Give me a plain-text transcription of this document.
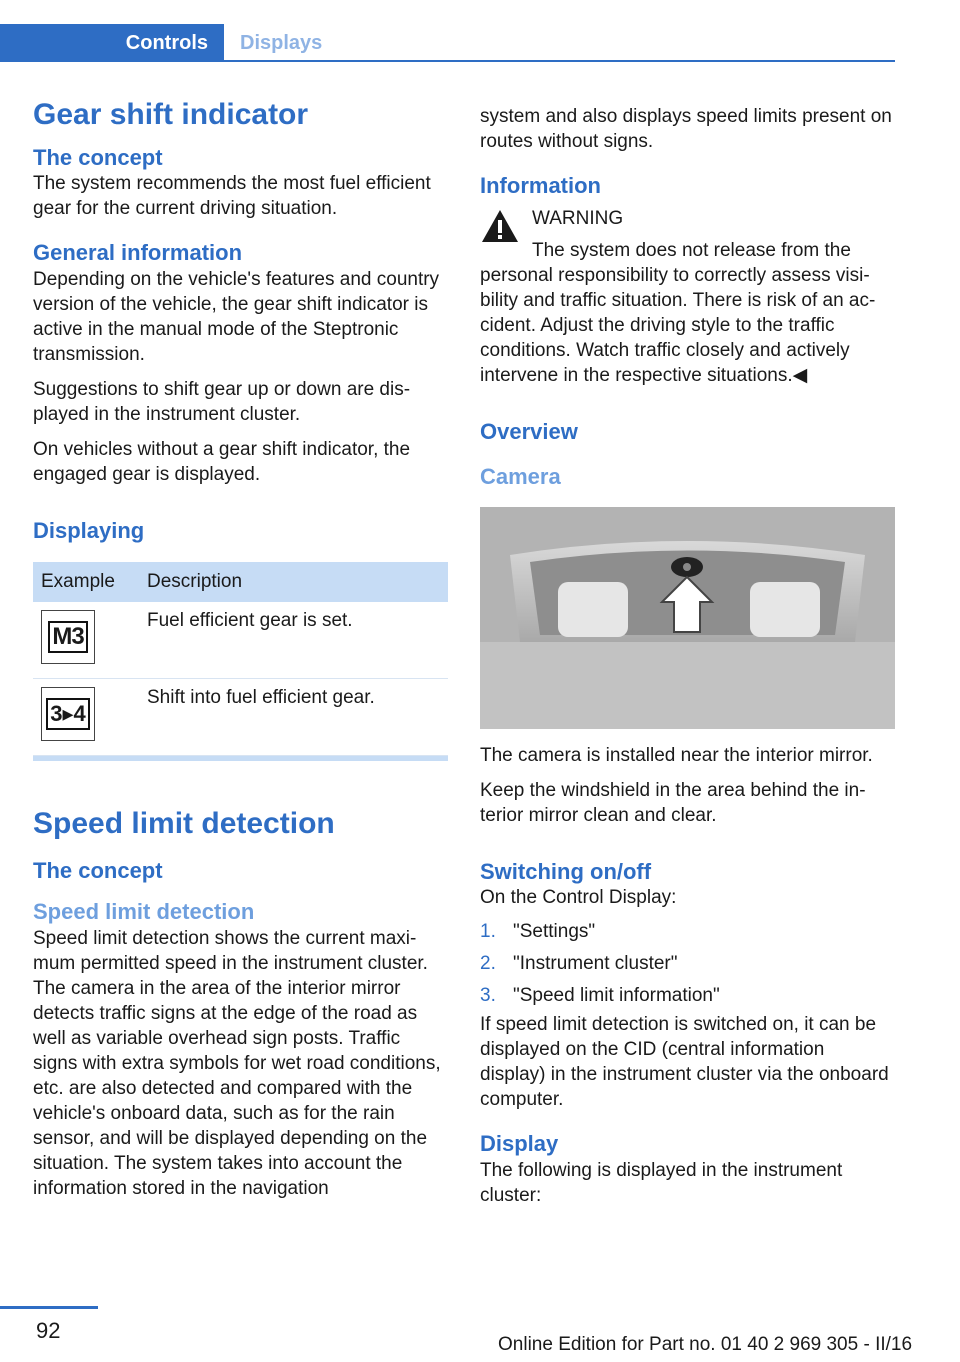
Controls	Displays
Gear shift indicator
The concept

The system recommends the most fuel efficient gear for the current driving situation.

General information

Depending on the vehicle's features and country version of the vehicle, the gear shift indicator is active in the manual mode of the Steptronic transmission.

Suggestions to shift gear up or down are displayed in the instrument cluster.

On vehicles without a gear shift indicator, the engaged gear is displayed.

Displaying
Example	Description

M3	Fuel efficient gear is set.

3▸4	Shift into fuel efficient gear.
Speed limit detection
The concept
Speed limit detection

Speed limit detection shows the current maximum permitted speed in the instrument cluster. The camera in the area of the interior mirror detects traffic signs at the edge of the road as well as variable overhead sign posts. Traffic signs with extra symbols for wet road conditions, etc. are also detected and compared with the vehicle's onboard data, such as for the rain sensor, and will be displayed depending on the situation. The system takes into account the information stored in the navigation

system and also displays speed limits present on routes without signs.

Information

WARNING

The system does not release from the personal responsibility to correctly assess visibility and traffic situation. There is risk of an accident. Adjust the driving style to the traffic conditions. Watch traffic closely and actively intervene in the respective situations.◀

Overview
Camera

The camera is installed near the interior mirror.

Keep the windshield in the area behind the interior mirror clean and clear.

Switching on/off

On the Control Display:

1. "Settings"
2. "Instrument cluster"
3. "Speed limit information"

If speed limit detection is switched on, it can be displayed on the CID (central information display) in the instrument cluster via the onboard computer.

Display

The following is displayed in the instrument cluster:

92
Online Edition for Part no. 01 40 2 969 305 - II/16
